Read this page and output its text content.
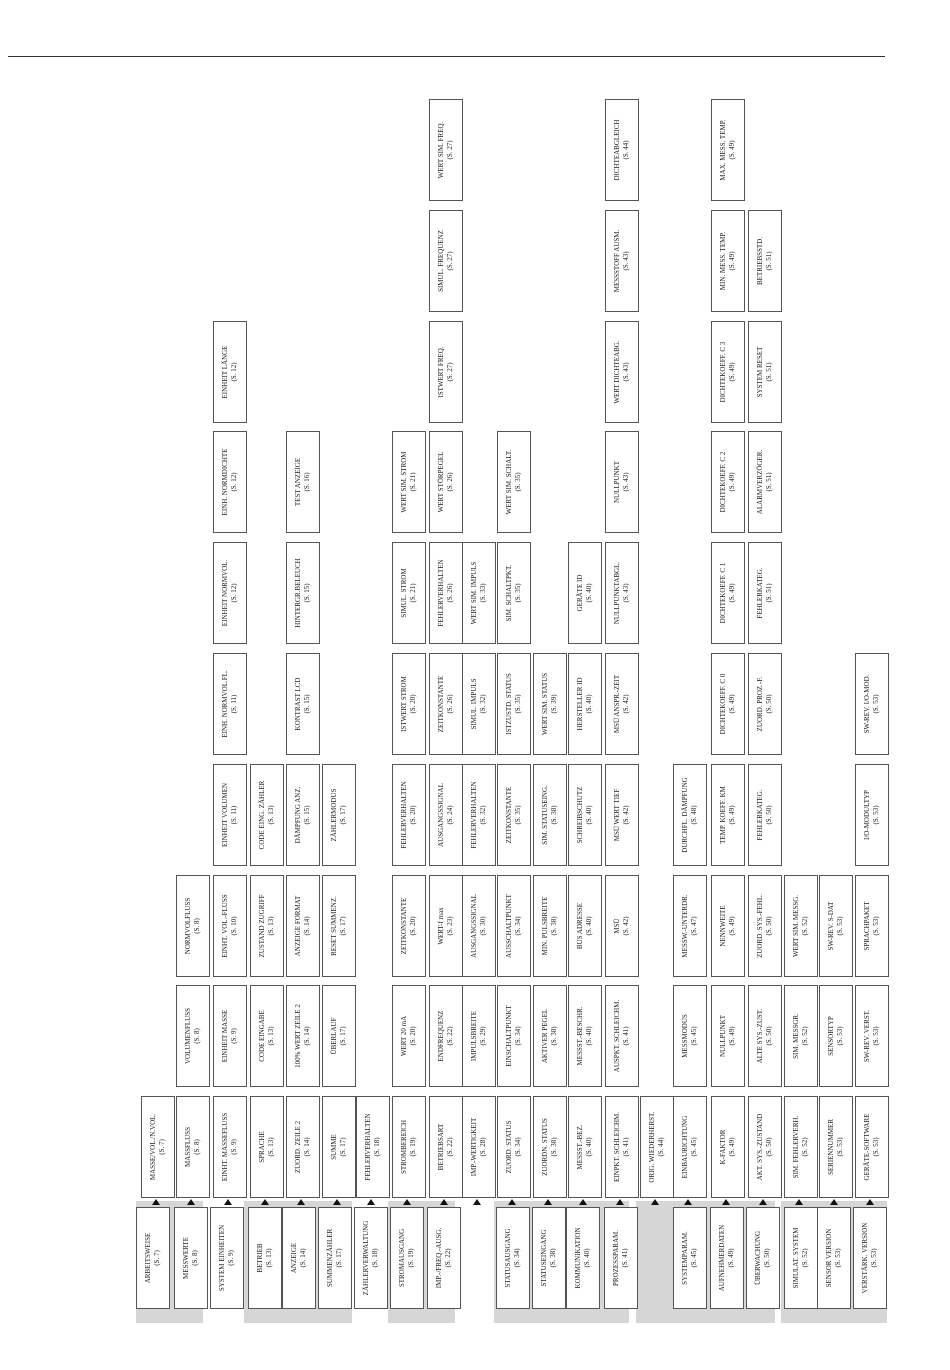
ARBEITSWEISE (S. 7)
MASSE/VOL./N.VOL. (S. 7)
MESSWERTE (S. 8)
MASSFLUSS (S. 8)
VOLUMENFLUSS (S. 8)
NORMVOLFLUSS (S. 8)
SYSTEM EINHEITEN (S. 9)
EINHT. MASSEFLUSS (S. 9)
EINHEIT MASSE (S. 9)
EINHT. VOL.-FLUSS (S. 10)
EINHEIT VOLUMEN (S. 11)
EINH. NORMVOL.FL. (S. 11)
EINHEIT NORMVOL. (S. 12)
EINH. NORMDICHTE (S. 12)
EINHEIT LÄNGE (S. 12)
BETRIEB (S. 13)
SPRACHE (S. 13)
CODE EINGABE (S. 13)
ZUSTAND ZUGRIFF (S. 13)
CODE EING. ZÄHLER (S. 13)
ANZEIGE (S. 14)
ZUORD. ZEILE 2 (S. 14)
100% WERT ZEILE 2 (S. 14)
ANZEIGE FORMAT (S. 14)
DÄMPFUNG ANZ. (S. 15)
KONTRAST LCD (S. 15)
HINTERGR.BELEUCH (S. 15)
TEST ANZEIGE (S. 16)
SUMMENZÄHLER (S. 17)
SUMME (S. 17)
ÜBERLAUF (S. 17)
RESET SUMMENZ. (S. 17)
ZÄHLERMODUS (S. 17)
ZÄHLERVERWALTUNG (S. 18)
FEHLERVERHALTEN (S. 18)
STROMAUSGANG (S. 19)
STROMBEREICH (S. 19)
WERT 20 mA (S. 20)
ZEITKONSTANTE (S. 20)
FEHLERVERHALTEN (S. 20)
ISTWERT STROM (S. 20)
SIMUL. STROM (S. 21)
WERT SIM. STROM (S. 21)
IMP.-/FREQ.-AUSG. (S. 22)
BETRIEBSART (S. 22)
ENDFREQUENZ (S. 22)
WERT-f max (S. 23)
AUSGANGSSIGNAL (S. 24)
ZEITKONSTANTE (S. 26)
FEHLERVERHALTEN (S. 26)
WERT STÖRPEGEL (S. 26)
ISTWERT FREQ. (S. 27)
SIMUL. FREQUENZ (S. 27)
WERT SIM. FREQ. (S. 27)
IMP.-WERTIGKEIT (S. 28)
IMPULSBREITE (S. 29)
AUSGANGSSIGNAL (S. 30)
FEHLERVERHALTEN (S. 32)
SIMUL. IMPULS (S. 32)
WERT SIM. IMPULS (S. 33)
STATUSAUSGANG (S. 34)
ZUORD. STATUS (S. 34)
EINSCHALTPUNKT (S. 34)
AUSSCHALTPUNKT (S. 34)
ZEITKONSTANTE (S. 35)
ISTZUSTD. STATUS (S. 35)
SIM. SCHALTPKT. (S. 35)
WERT SIM. SCHALT. (S. 35)
STATUSEINGANG (S. 38)
ZUORDN. STATUS (S. 38)
AKTIVER PEGEL (S. 38)
MIN. PULSBREITE (S. 38)
SIM. STATUSEING. (S. 38)
WERT SIM. STATUS (S. 39)
KOMMUNIKATION (S. 40)
MESSST.-BEZ. (S. 40)
MESSST.-BESCHR. (S. 40)
BUS ADRESSE (S. 40)
SCHREIBSCHUTZ (S. 40)
HERSTELLER ID (S. 40)
GERÄTE ID (S. 40)
PROZESSPARAM. (S. 41)
EINPKT. SCHLEICHM. (S. 41)
AUSPKT. SCHLEICHM. (S. 41)
MSÜ (S. 42)
MSÜ WERT TIEF (S. 42)
MSÜ ANSPR.-ZEIT (S. 42)
NULLPUNKTABGL. (S. 43)
NULLPUNKT (S. 43)
WERT DICHTEABG. (S. 43)
MESSSTOFF AUSM. (S. 43)
DICHTEABGLEICH (S. 44)
ORIG. WIEDERHERST. (S. 44)
SYSTEMPARAM. (S. 45)
EINBAURICHTUNG (S. 45)
MESSMODUS (S. 45)
MESSW.-UNTERDR. (S. 47)
DURCHFL. DÄMPFUNG (S. 48)
AUFNEHMERDATEN (S. 49)
K-FAKTOR (S. 49)
NULLPUNKT (S. 49)
NENNWEITE (S. 49)
TEMP. KOEFF. KM (S. 49)
DICHTEKOEFF. C 0 (S. 49)
DICHTEKOEFF. C 1 (S. 49)
DICHTEKOEFF. C 2 (S. 49)
DICHTEKOEFF. C 3 (S. 49)
MIN. MESS. TEMP. (S. 49)
MAX. MESS. TEMP. (S. 49)
ÜBERWACHUNG (S. 50)
AKT. SYS.-ZUSTAND (S. 50)
ALTE SYS.-ZUST. (S. 50)
ZUORD. SYS.-FEHL. (S. 50)
FEHLERKATEG. (S. 50)
ZUORD. PROZ.-F. (S. 50)
FEHLERKATEG. (S. 51)
ALARMVERZÖGER. (S. 51)
SYSTEM RESET (S. 51)
BETRIEBSSTD. (S. 51)
SIMULAT. SYSTEM (S. 52)
SIM. FEHLERVERH. (S. 52)
SIM. MESSGR. (S. 52)
WERT SIM. MESSG. (S. 52)
SENSOR VERSION (S. 53)
SERIENNUMMER (S. 53)
SENSORTYP (S. 53)
SW-REV. S-DAT (S. 53)
VERSTÄRK. VERSION (S. 53)
GERÄTE-SOFTWARE (S. 53)
SW-REV. VERST. (S. 53)
SPRACHPAKET (S. 53)
I/O-MODULTYP (S. 53)
SW-REV. I/O-MOD. (S. 53)
